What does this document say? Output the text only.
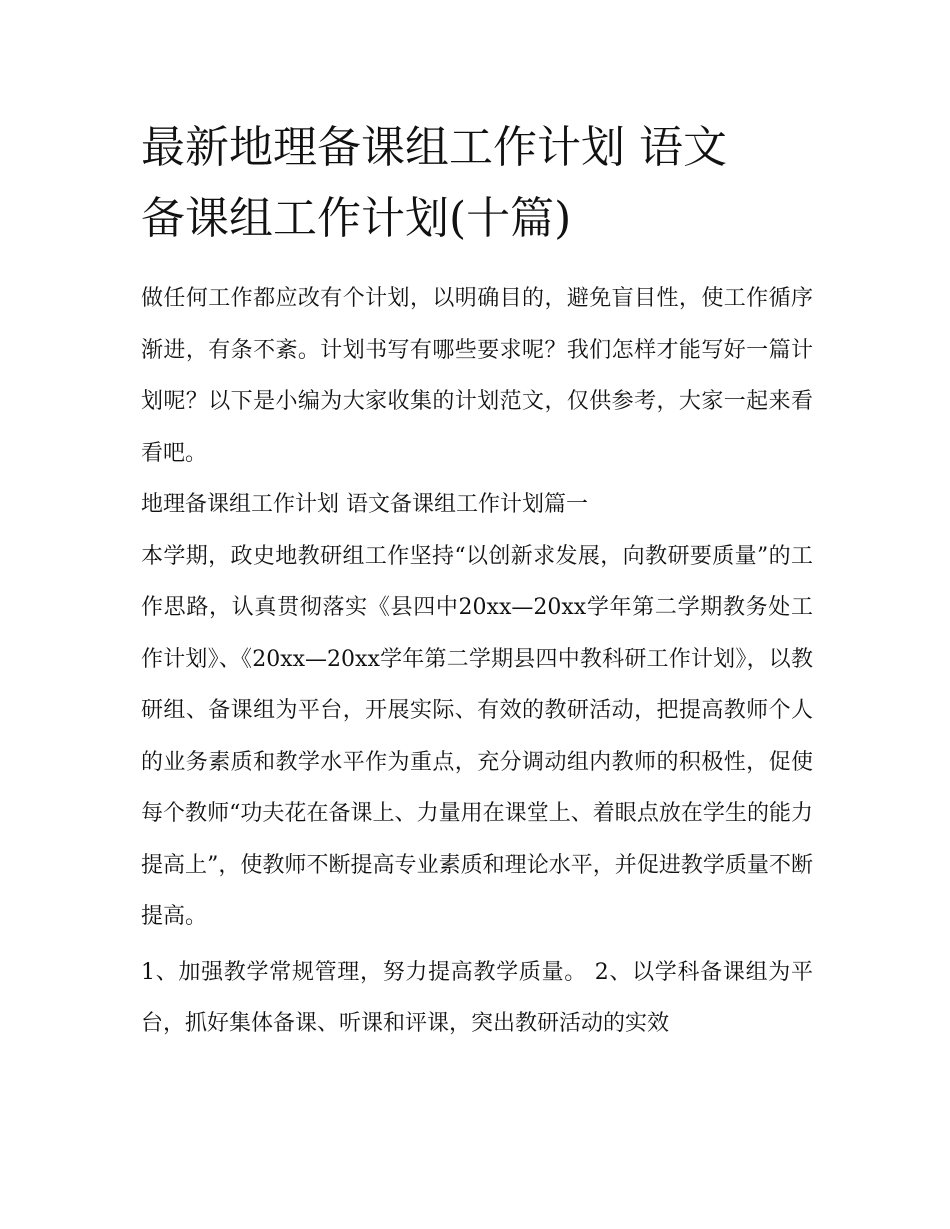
最新地理备课组工作计划 语文
备课组工作计划(十篇)

做任何工作都应改有个计划，以明确目的，避免盲目性，使工作循序渐进，有条不紊。计划书写有哪些要求呢？我们怎样才能写好一篇计划呢？以下是小编为大家收集的计划范文，仅供参考，大家一起来看看吧。

地理备课组工作计划 语文备课组工作计划篇一

本学期，政史地教研组工作坚持“以创新求发展，向教研要质量”的工作思路，认真贯彻落实《县四中20xx—20xx学年第二学期教务处工作计划》、《20xx—20xx学年第二学期县四中教科研工作计划》，以教研组、备课组为平台，开展实际、有效的教研活动，把提高教师个人的业务素质和教学水平作为重点，充分调动组内教师的积极性，促使每个教师“功夫花在备课上、力量用在课堂上、着眼点放在学生的能力提高上”，使教师不断提高专业素质和理论水平，并促进教学质量不断提高。

1、加强教学常规管理，努力提高教学质量。 2、以学科备课组为平台，抓好集体备课、听课和评课，突出教研活动的实效
